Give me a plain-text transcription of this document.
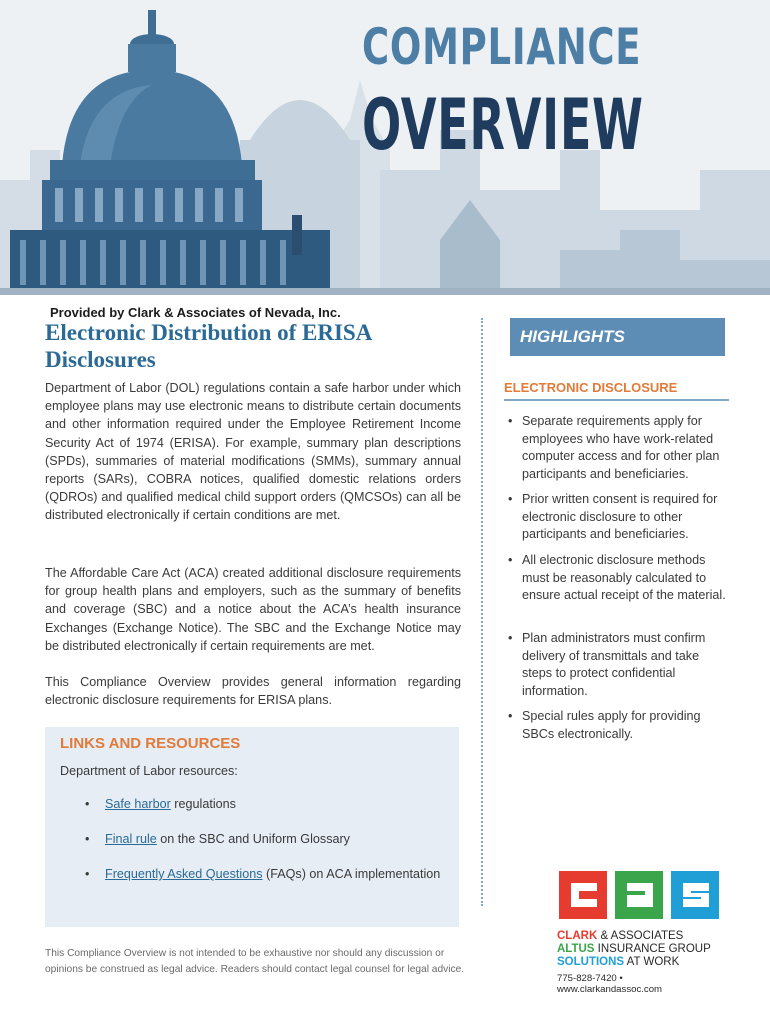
COMPLIANCE
OVERVIEW
Provided by Clark & Associates of Nevada, Inc.
Electronic Distribution of ERISA Disclosures
Department of Labor (DOL) regulations contain a safe harbor under which employee plans may use electronic means to distribute certain documents and other information required under the Employee Retirement Income Security Act of 1974 (ERISA). For example, summary plan descriptions (SPDs), summaries of material modifications (SMMs), summary annual reports (SARs), COBRA notices, qualified domestic relations orders (QDROs) and qualified medical child support orders (QMCSOs) can all be distributed electronically if certain conditions are met.
The Affordable Care Act (ACA) created additional disclosure requirements for group health plans and employers, such as the summary of benefits and coverage (SBC) and a notice about the ACA’s health insurance Exchanges (Exchange Notice). The SBC and the Exchange Notice may be distributed electronically if certain requirements are met.
This Compliance Overview provides general information regarding electronic disclosure requirements for ERISA plans.
LINKS AND RESOURCES
Department of Labor resources:
• Safe harbor regulations
• Final rule on the SBC and Uniform Glossary
• Frequently Asked Questions (FAQs) on ACA implementation
This Compliance Overview is not intended to be exhaustive nor should any discussion or opinions be construed as legal advice. Readers should contact legal counsel for legal advice.
HIGHLIGHTS
ELECTRONIC DISCLOSURE
• Separate requirements apply for employees who have work-related computer access and for other plan participants and beneficiaries.
• Prior written consent is required for electronic disclosure to other participants and beneficiaries.
• All electronic disclosure methods must be reasonably calculated to ensure actual receipt of the material.
• Plan administrators must confirm delivery of transmittals and take steps to protect confidential information.
• Special rules apply for providing SBCs electronically.
CLARK & ASSOCIATES
ALTUS INSURANCE GROUP
SOLUTIONS AT WORK
775-828-7420 • www.clarkandassoc.com
